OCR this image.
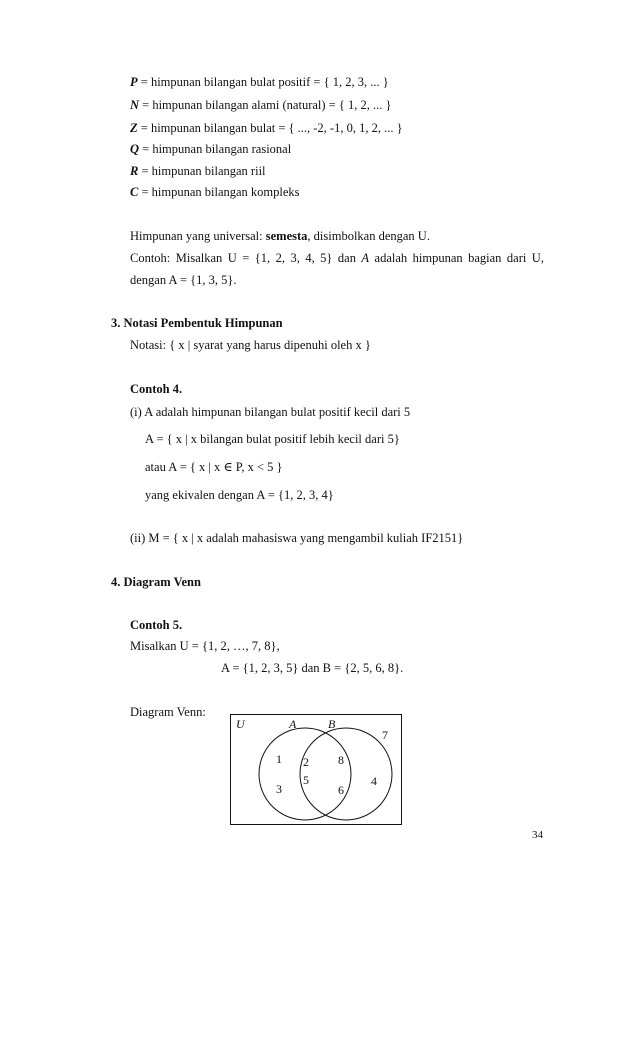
P = himpunan bilangan bulat positif = { 1, 2, 3, ... }
N = himpunan bilangan alami (natural) = { 1, 2, ... }
Z = himpunan bilangan bulat = { ..., -2, -1, 0, 1, 2, ... }
Q = himpunan bilangan rasional
R = himpunan bilangan riil
C = himpunan bilangan kompleks
Himpunan yang universal: semesta, disimbolkan dengan U.
Contoh: Misalkan U = {1, 2, 3, 4, 5} dan A adalah himpunan bagian dari U,
dengan A = {1, 3, 5}.
3. Notasi Pembentuk Himpunan
Notasi: { x | syarat yang harus dipenuhi oleh x }
Contoh 4.
(i) A adalah himpunan bilangan bulat positif kecil dari 5
A = { x | x bilangan bulat positif lebih kecil dari 5}
atau A = { x | x ∈ P, x < 5 }
yang ekivalen dengan A = {1, 2, 3, 4}
(ii) M = { x | x adalah mahasiswa yang mengambil kuliah IF2151}
4. Diagram Venn
Contoh 5.
Misalkan U = {1, 2, …, 7, 8},
A = {1, 2, 3, 5} dan B = {2, 5, 6, 8}.
Diagram Venn:
U	A	B
7
1 2
5
3
8
6
4
34
